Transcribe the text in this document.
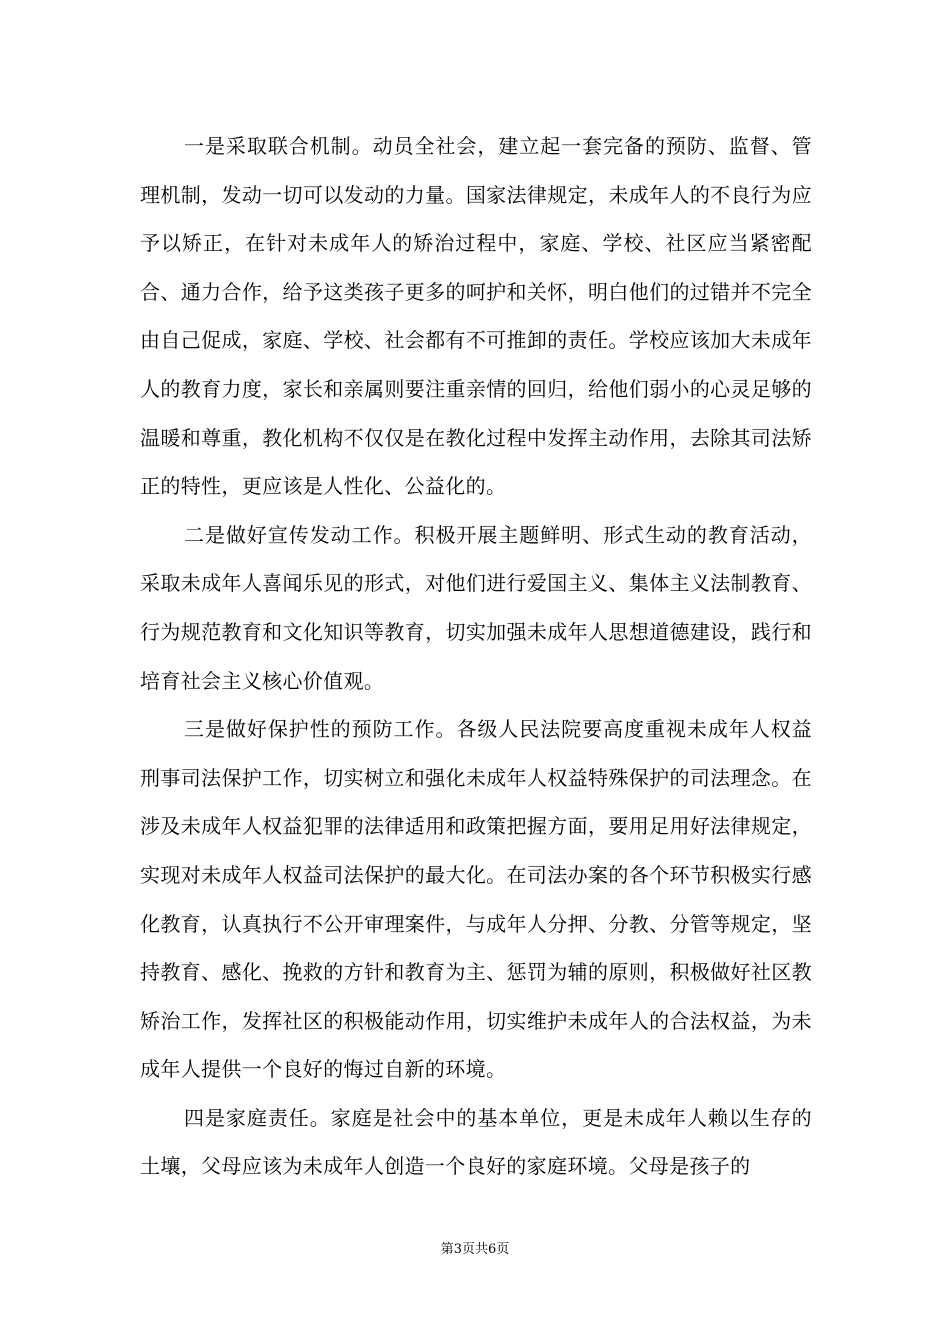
一是采取联合机制。动员全社会，建立起一套完备的预防、监督、管理机制，发动一切可以发动的力量。国家法律规定，未成年人的不良行为应予以矫正，在针对未成年人的矫治过程中，家庭、学校、社区应当紧密配合、通力合作，给予这类孩子更多的呵护和关怀，明白他们的过错并不完全由自己促成，家庭、学校、社会都有不可推卸的责任。学校应该加大未成年人的教育力度，家长和亲属则要注重亲情的回归，给他们弱小的心灵足够的温暖和尊重，教化机构不仅仅是在教化过程中发挥主动作用，去除其司法矫正的特性，更应该是人性化、公益化的。

二是做好宣传发动工作。积极开展主题鲜明、形式生动的教育活动，采取未成年人喜闻乐见的形式，对他们进行爱国主义、集体主义法制教育、行为规范教育和文化知识等教育，切实加强未成年人思想道德建设，践行和培育社会主义核心价值观。

三是做好保护性的预防工作。各级人民法院要高度重视未成年人权益刑事司法保护工作，切实树立和强化未成年人权益特殊保护的司法理念。在涉及未成年人权益犯罪的法律适用和政策把握方面，要用足用好法律规定，实现对未成年人权益司法保护的最大化。在司法办案的各个环节积极实行感化教育，认真执行不公开审理案件，与成年人分押、分教、分管等规定，坚持教育、感化、挽救的方针和教育为主、惩罚为辅的原则，积极做好社区教矫治工作，发挥社区的积极能动作用，切实维护未成年人的合法权益，为未成年人提供一个良好的悔过自新的环境。

四是家庭责任。家庭是社会中的基本单位，更是未成年人赖以生存的土壤，父母应该为未成年人创造一个良好的家庭环境。父母是孩子的

第3页共6页
